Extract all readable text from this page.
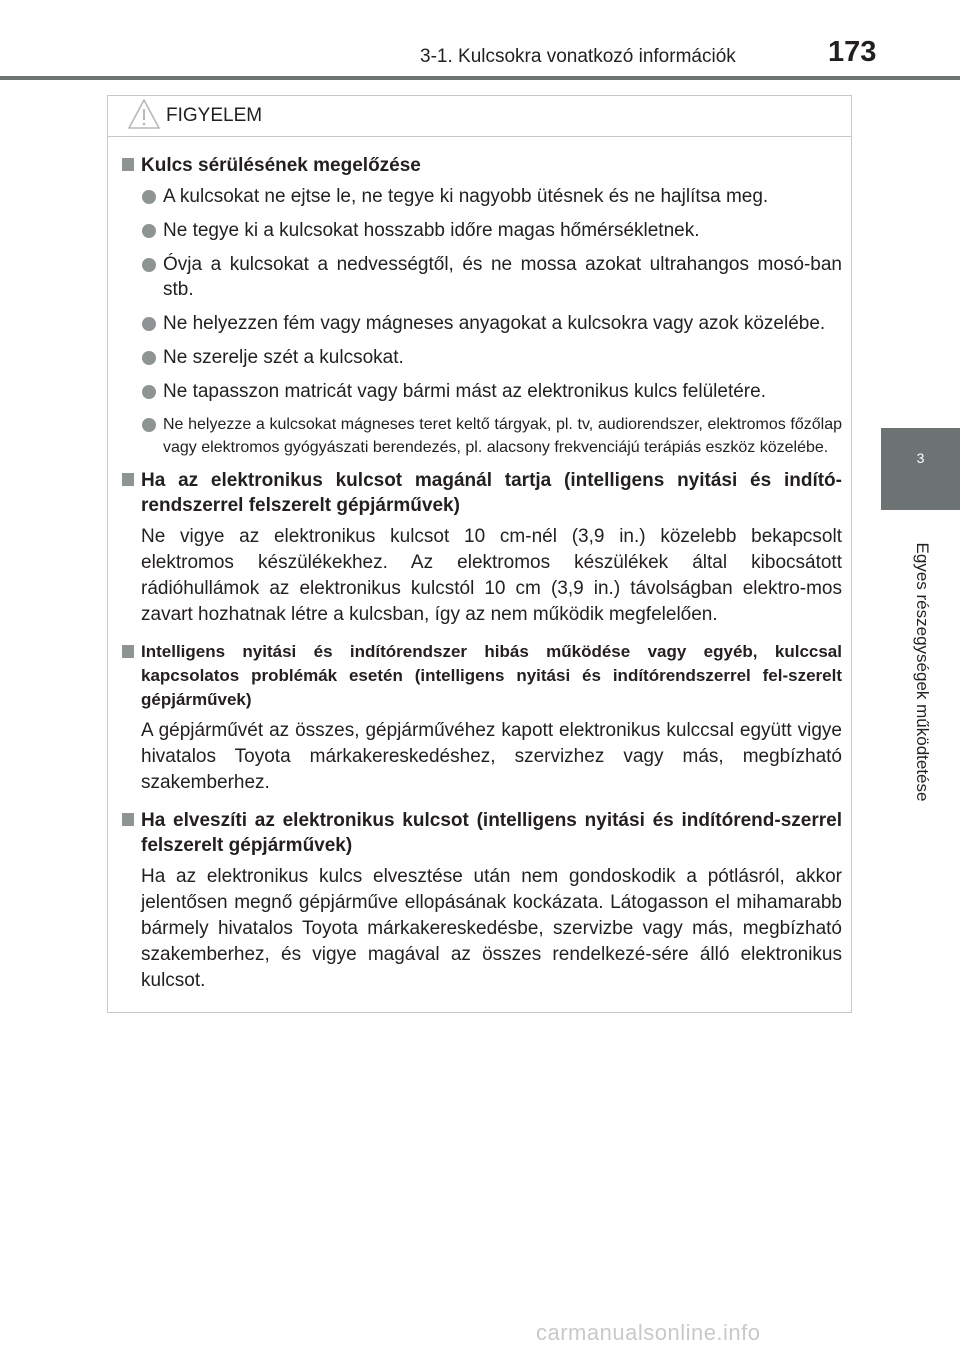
3-1. Kulcsokra vonatkozó információk	173
3
Egyes részegységek működtetése
FIGYELEM
Kulcs sérülésének megelőzése
A kulcsokat ne ejtse le, ne tegye ki nagyobb ütésnek és ne hajlítsa meg.
Ne tegye ki a kulcsokat hosszabb időre magas hőmérsékletnek.
Óvja a kulcsokat a nedvességtől, és ne mossa azokat ultrahangos mosó-ban stb.
Ne helyezzen fém vagy mágneses anyagokat a kulcsokra vagy azok közelébe.
Ne szerelje szét a kulcsokat.
Ne tapasszon matricát vagy bármi mást az elektronikus kulcs felületére.
Ne helyezze a kulcsokat mágneses teret keltő tárgyak, pl. tv, audiorendszer, elektromos főzőlap vagy elektromos gyógyászati berendezés, pl. alacsony frekvenciájú terápiás eszköz közelébe.
Ha az elektronikus kulcsot magánál tartja (intelligens nyitási és indító-rendszerrel felszerelt gépjárművek)
Ne vigye az elektronikus kulcsot 10 cm-nél (3,9 in.) közelebb bekapcsolt elektromos készülékekhez. Az elektromos készülékek által kibocsátott rádióhullámok az elektronikus kulcstól 10 cm (3,9 in.) távolságban elektro-mos zavart hozhatnak létre a kulcsban, így az nem működik megfelelően.
Intelligens nyitási és indítórendszer hibás működése vagy egyéb, kulccsal kapcsolatos problémák esetén (intelligens nyitási és indítórendszerrel fel-szerelt gépjárművek)
A gépjárművét az összes, gépjárművéhez kapott elektronikus kulccsal együtt vigye hivatalos Toyota márkakereskedéshez, szervizhez vagy más, megbízható szakemberhez.
Ha elveszíti az elektronikus kulcsot (intelligens nyitási és indítórend-szerrel felszerelt gépjárművek)
Ha az elektronikus kulcs elvesztése után nem gondoskodik a pótlásról, akkor jelentősen megnő gépjárműve ellopásának kockázata. Látogasson el mihamarabb bármely hivatalos Toyota márkakereskedésbe, szervizbe vagy más, megbízható szakemberhez, és vigye magával az összes rendelkezé-sére álló elektronikus kulcsot.
carmanualsonline.info
